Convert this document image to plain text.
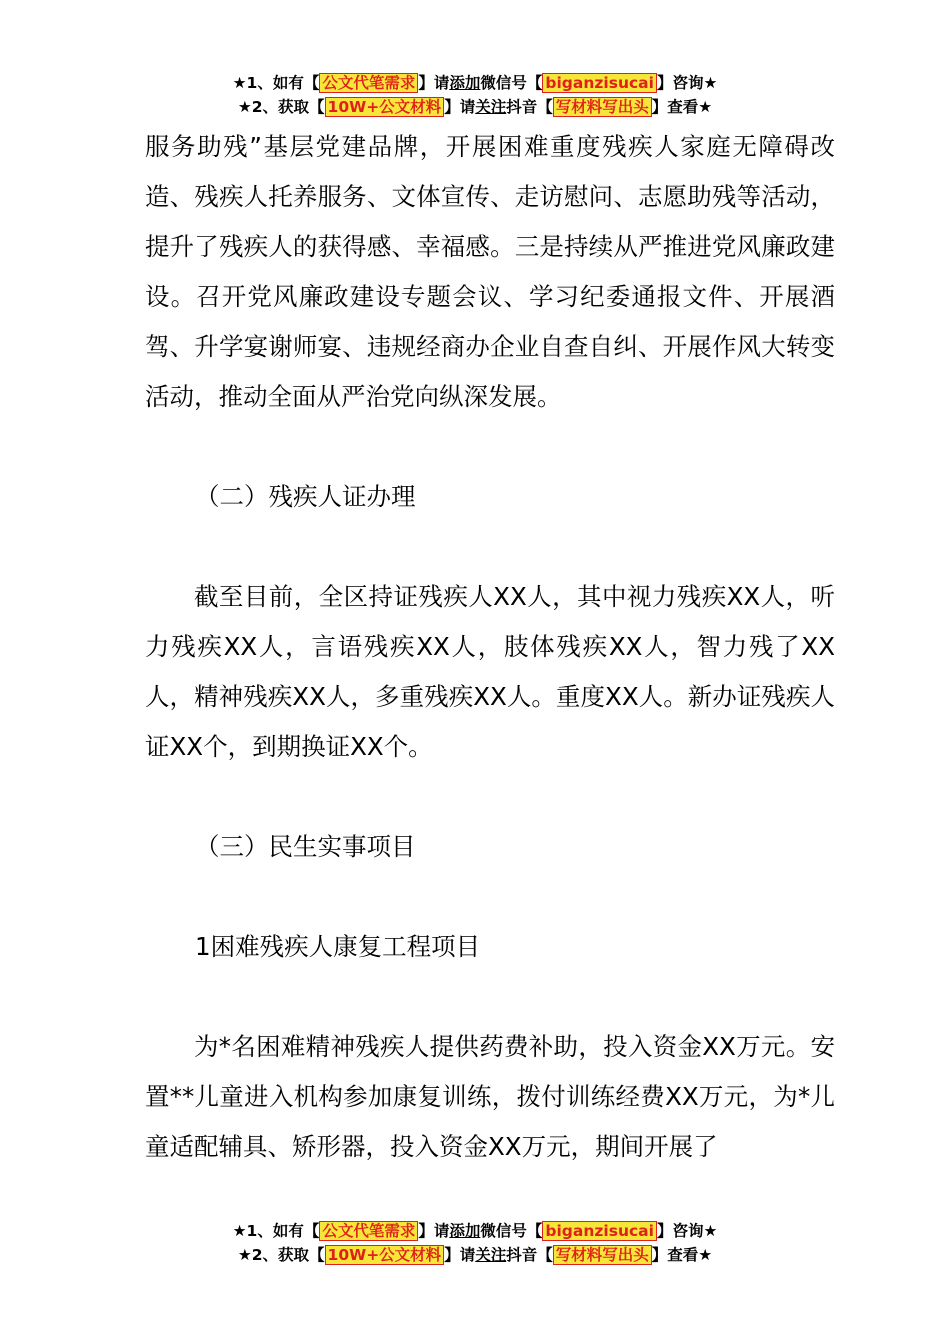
★1、如有【 公文代笔需求 】请添加微信号【 biganzisucai 】咨询★
★2、获取【 10W+公文材料 】请关注抖音【 写材料写出头 】查看★

服务助残”基层党建品牌，开展困难重度残疾人家庭无障碍改造、残疾人托养服务、文体宣传、走访慰问、志愿助残等活动，提升了残疾人的获得感、幸福感。三是持续从严推进党风廉政建设。召开党风廉政建设专题会议、学习纪委通报文件、开展酒驾、升学宴谢师宴、违规经商办企业自查自纠、开展作风大转变活动，推动全面从严治党向纵深发展。

（二）残疾人证办理

截至目前，全区持证残疾人XX人，其中视力残疾XX人，听力残疾XX人，言语残疾XX人，肢体残疾XX人，智力残了XX人，精神残疾XX人，多重残疾XX人。重度XX人。新办证残疾人证XX个，到期换证XX个。

（三）民生实事项目

1困难残疾人康复工程项目

为*名困难精神残疾人提供药费补助，投入资金XX万元。安置**儿童进入机构参加康复训练，拨付训练经费XX万元，为*儿童适配辅具、矫形器，投入资金XX万元，期间开展了

★1、如有【 公文代笔需求 】请添加微信号【 biganzisucai 】咨询★
★2、获取【 10W+公文材料 】请关注抖音【 写材料写出头 】查看★
